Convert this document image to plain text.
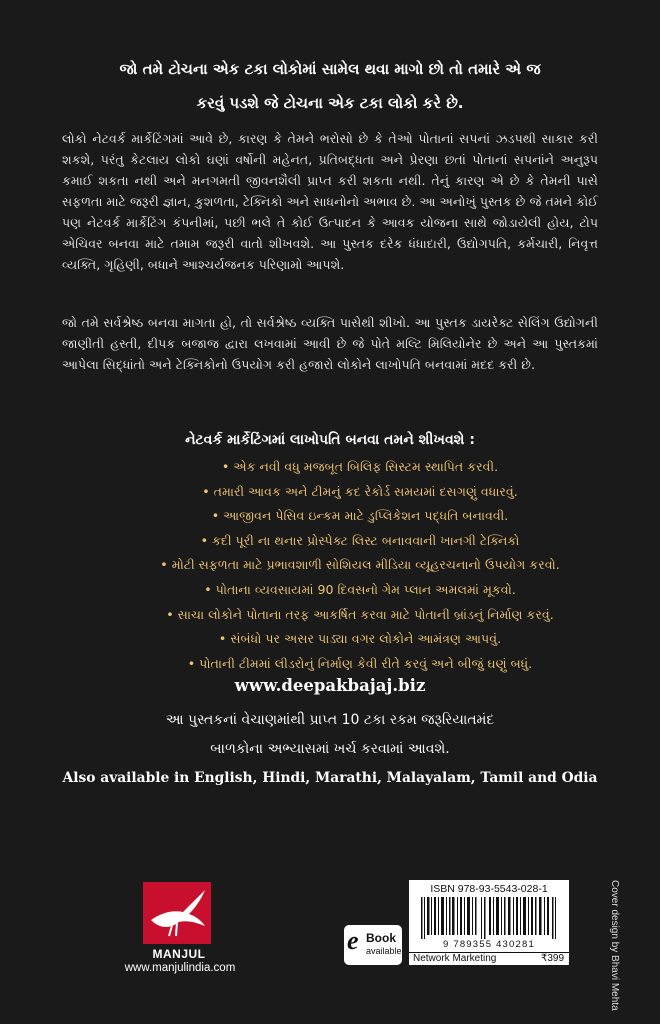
જો તમે ટોચના એક ટકા લોકોમાં સામેલ થવા માગો છો તો તમારે એ જ
કરવું પડશે જે ટોચના એક ટકા લોકો કરે છે.
લોકો નેટવર્ક માર્કેટિંગમાં આવે છે, કારણ કે તેમને ભરોસો છે કે તેઓ પોતાનાં સપનાં ઝડપથી સાકાર કરી શકશે, પરંતુ કેટલાય લોકો ઘણાં વર્ષોની મહેનત, પ્રતિબદ્ધતા અને પ્રેરણા છતાં પોતાનાં સપનાંને અનુરૂપ કમાઈ શકતા નથી અને મનગમતી જીવનશૈલી પ્રાપ્ત કરી શકતા નથી. તેનું કારણ એ છે કે તેમની પાસે સફળતા માટે જરૂરી જ્ઞાન, કુશળતા, ટેક્નિકો અને સાધનોનો અભાવ છે. આ અનોખું પુસ્તક છે જે તમને કોઈ પણ નેટવર્ક માર્કેટિંગ કંપનીમાં, પછી ભલે તે કોઈ ઉત્પાદન કે આવક યોજના સાથે જોડાયેલી હોય, ટોપ એચિવર બનવા માટે તમામ જરૂરી વાતો શીખવશે. આ પુસ્તક દરેક ધંધાદારી, ઉદ્યોગપતિ, કર્મચારી, નિવૃત્ત વ્યક્તિ, ગૃહિણી, બધાને આશ્ચર્યજનક પરિણામો આપશે.
જો તમે સર્વશ્રેષ્ઠ બનવા માગતા હો, તો સર્વશ્રેષ્ઠ વ્યક્તિ પાસેથી શીખો. આ પુસ્તક ડાયરેક્ટ સેલિંગ ઉદ્યોગની જાણીતી હસ્તી, દીપક બજાજ દ્વારા લખવામાં આવી છે જે પોતે મલ્ટિ મિલિયોનેર છે અને આ પુસ્તકમાં આપેલા સિદ્ધાંતો અને ટેક્નિકોનો ઉપયોગ કરી હજારો લોકોને લાખોપતિ બનવામાં મદદ કરી છે.
નેટવર્ક માર્કેટિંગમાં લાખોપતિ બનવા તમને શીખવશે :
• એક નવી વધુ મજબૂત બિલિફ સિસ્ટમ સ્થાપિત કરવી.
• તમારી આવક અને ટીમનું કદ રેકોર્ડ સમયમાં દસગણું વધારવું.
• આજીવન પેસિવ ઇન્કમ માટે ડુપ્લિકેશન પદ્ધતિ બનાવવી.
• કદી પૂરી ના થનાર પ્રોસ્પેક્ટ લિસ્ટ બનાવવાની ખાનગી ટેક્નિકો
• મોટી સફળતા માટે પ્રભાવશાળી સોશિયલ મીડિયા વ્યૂહરચનાનો ઉપયોગ કરવો.
• પોતાના વ્યવસાયમાં 90 દિવસનો ગેમ પ્લાન અમલમાં મૂકવો.
• સાચા લોકોને પોતાના તરફ આકર્ષિત કરવા માટે પોતાની બ્રાંડનું નિર્માણ કરવું.
• સંબંધો પર અસર પાડ્યા વગર લોકોને આમંત્રણ આપવું.
• પોતાની ટીમમાં લીડરોનું નિર્માણ કેવી રીતે કરવું અને બીજું ઘણું બધું.
www.deepakbajaj.biz
આ પુસ્તકનાં વેચાણમાંથી પ્રાપ્ત 10 ટકા રકમ જરૂરિયાતમંદ
બાળકોના અભ્યાસમાં ખર્ચ કરવામાં આવશે.
Also available in English, Hindi, Marathi, Malayalam, Tamil and Odia
MANJUL
www.manjulindia.com
e Book
available
ISBN 978-93-5543-028-1
9 789355 430281
Network Marketing	₹399	Cover design by Bhavi Mehta
